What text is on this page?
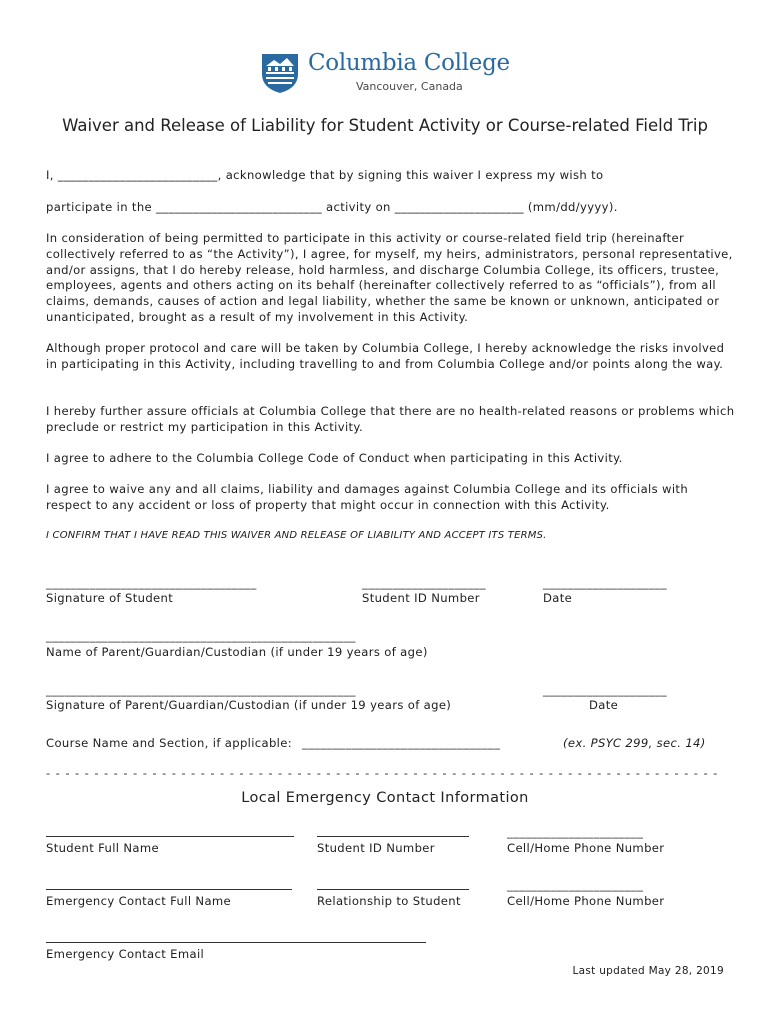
Columbia College
Vancouver, Canada
Waiver and Release of Liability for Student Activity or Course-related Field Trip
I, __________________________, acknowledge that by signing this waiver I express my wish to
participate in the ___________________________ activity on _____________________ (mm/dd/yyyy).
In consideration of being permitted to participate in this activity or course-related field trip (hereinafter collectively referred to as “the Activity”), I agree, for myself, my heirs, administrators, personal representative, and/or assigns, that I do hereby release, hold harmless, and discharge Columbia College, its officers, trustee, employees, agents and others acting on its behalf (hereinafter collectively referred to as “officials”), from all claims, demands, causes of action and legal liability, whether the same be known or unknown, anticipated or unanticipated, brought as a result of my involvement in this Activity.
Although proper protocol and care will be taken by Columbia College, I hereby acknowledge the risks involved in participating in this Activity, including travelling to and from Columbia College and/or points along the way.
I hereby further assure officials at Columbia College that there are no health-related reasons or problems which preclude or restrict my participation in this Activity.
I agree to adhere to the Columbia College Code of Conduct when participating in this Activity.
I agree to waive any and all claims, liability and damages against Columbia College and its officials with respect to any accident or loss of property that might occur in connection with this Activity.
I CONFIRM THAT I HAVE READ THIS WAIVER AND RELEASE OF LIABILITY AND ACCEPT ITS TERMS.
__________________________________	____________________	____________________
Signature of Student	Student ID Number	Date
__________________________________________________
Name of Parent/Guardian/Custodian (if under 19 years of age)
__________________________________________________	____________________
Signature of Parent/Guardian/Custodian (if under 19 years of age)	Date
Course Name and Section, if applicable: ________________________________	(ex. PSYC 299, sec. 14)
- - - - - - - - - - - - - - - - - - - - - - - - - - - - - - - - - - - - - - - - - - - - - - - - - - - - - - - - - - - - - - - - - - - - - -
Local Emergency Contact Information
______________________
Student Full Name	Student ID Number	Cell/Home Phone Number
______________________
Emergency Contact Full Name	Relationship to Student	Cell/Home Phone Number
Emergency Contact Email
Last updated May 28, 2019
